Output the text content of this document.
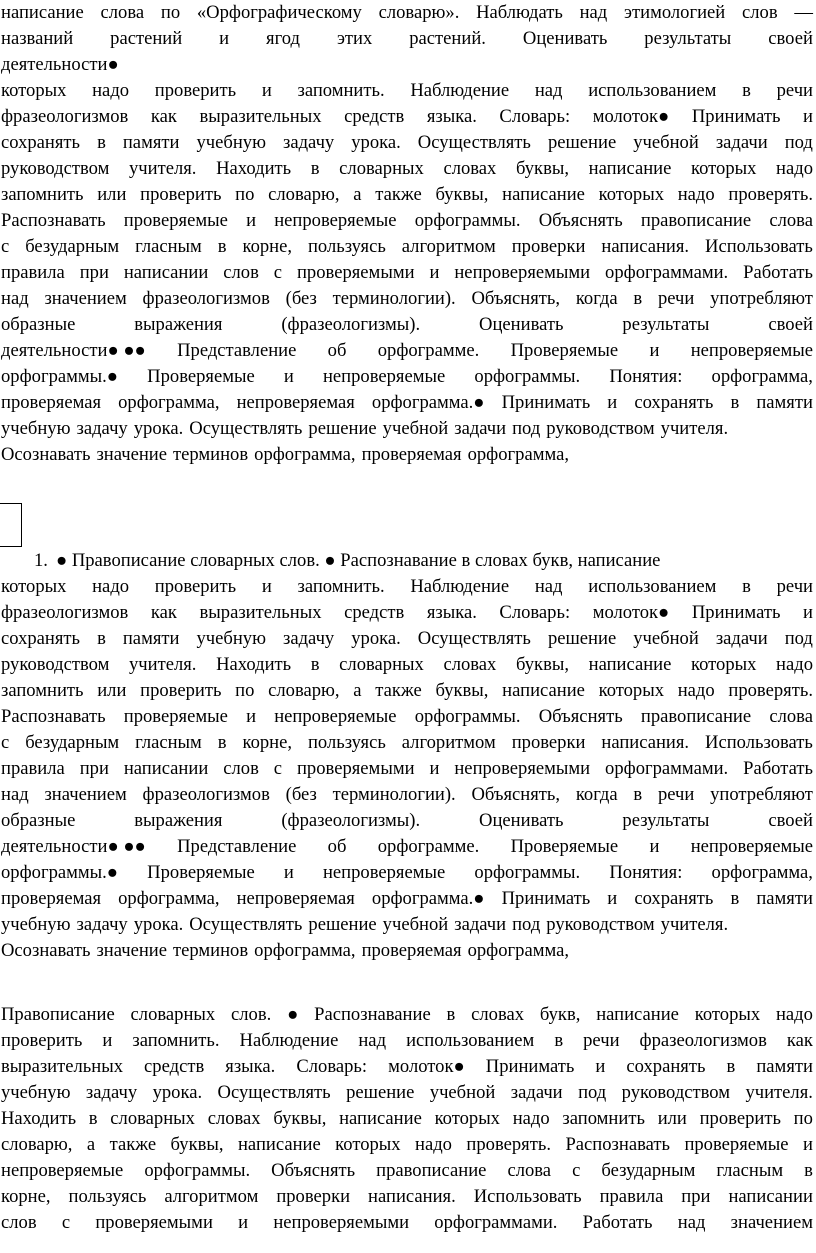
написание слова по «Орфографическому словарю». Наблюдать над этимологией слов —
названий растений и ягод этих растений. Оценивать результаты своей
деятельности●
которых надо проверить и запомнить. Наблюдение над использованием в речи
фразеологизмов как выразительных средств языка. Словарь: молоток● Принимать и
сохранять в памяти учебную задачу урока. Осуществлять решение учебной задачи под
руководством учителя. Находить в словарных словах буквы, написание которых надо
запомнить или проверить по словарю, а также буквы, написание которых надо проверять.
Распознавать проверяемые и непроверяемые орфограммы. Объяснять правописание слова
с безударным гласным в корне, пользуясь алгоритмом проверки написания. Использовать
правила при написании слов с проверяемыми и непроверяемыми орфограммами. Работать
над значением фразеологизмов (без терминологии). Объяснять, когда в речи употребляют
образные	выражения	(фразеологизмы).	Оценивать	результаты	своей
деятельности● ●● Представление об орфограмме. Проверяемые и непроверяемые
орфограммы.● Проверяемые и непроверяемые орфограммы. Понятия: орфограмма,
проверяемая орфограмма, непроверяемая орфограмма.● Принимать и сохранять в памяти
учебную задачу урока. Осуществлять решение учебной задачи под руководством учителя.
Осознавать значение терминов орфограмма, проверяемая орфограмма,
1. ● Правописание словарных слов. ● Распознавание в словах букв, написание
которых надо проверить и запомнить. Наблюдение над использованием в речи
фразеологизмов как выразительных средств языка. Словарь: молоток● Принимать и
сохранять в памяти учебную задачу урока. Осуществлять решение учебной задачи под
руководством учителя. Находить в словарных словах буквы, написание которых надо
запомнить или проверить по словарю, а также буквы, написание которых надо проверять.
Распознавать проверяемые и непроверяемые орфограммы. Объяснять правописание слова
с безударным гласным в корне, пользуясь алгоритмом проверки написания. Использовать
правила при написании слов с проверяемыми и непроверяемыми орфограммами. Работать
над значением фразеологизмов (без терминологии). Объяснять, когда в речи употребляют
образные	выражения	(фразеологизмы).	Оценивать	результаты	своей
деятельности● ●● Представление об орфограмме. Проверяемые и непроверяемые
орфограммы.● Проверяемые и непроверяемые орфограммы. Понятия: орфограмма,
проверяемая орфограмма, непроверяемая орфограмма.● Принимать и сохранять в памяти
учебную задачу урока. Осуществлять решение учебной задачи под руководством учителя.
Осознавать значение терминов орфограмма, проверяемая орфограмма,
Правописание словарных слов. ● Распознавание в словах букв, написание которых надо
проверить и запомнить. Наблюдение над использованием в речи фразеологизмов как
выразительных средств языка. Словарь: молоток● Принимать и сохранять в памяти
учебную задачу урока. Осуществлять решение учебной задачи под руководством учителя.
Находить в словарных словах буквы, написание которых надо запомнить или проверить по
словарю, а также буквы, написание которых надо проверять. Распознавать проверяемые и
непроверяемые орфограммы. Объяснять правописание слова с безударным гласным в
корне, пользуясь алгоритмом проверки написания. Использовать правила при написании
слов с проверяемыми и непроверяемыми орфограммами. Работать над значением
